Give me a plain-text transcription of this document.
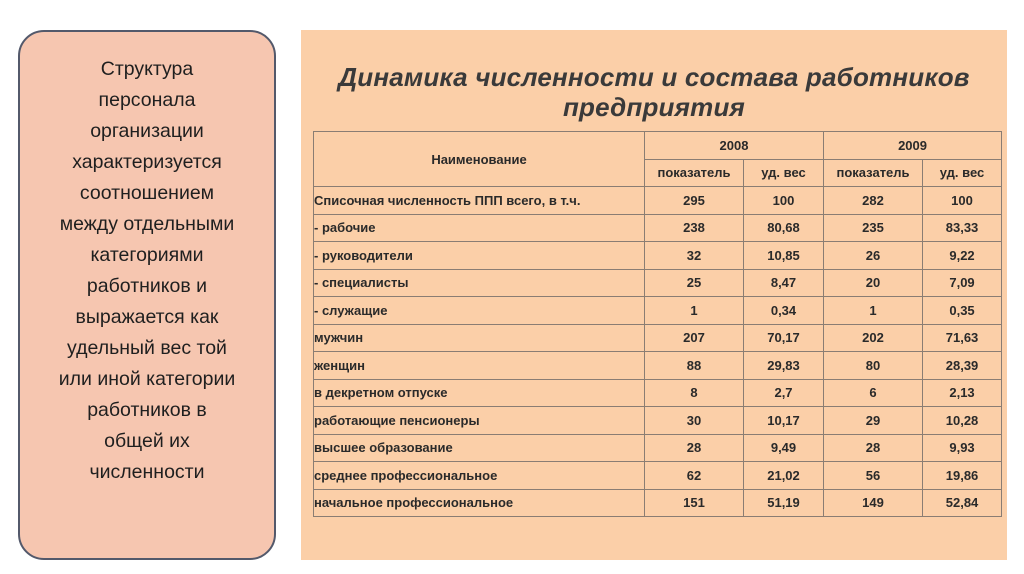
Структура
персонала
организации
характеризуется
соотношением
между отдельными
категориями
работников и
выражается как
удельный вес той
или иной категории
работников в
общей их
численности
Динамика численности и состава работников
предприятия
Наименование	2008		2009	
	показатель	уд. вес	показатель	уд. вес
Списочная численность ППП всего, в т.ч.	295	100	282	100
- рабочие	238	80,68	235	83,33
- руководители	32	10,85	26	9,22
- специалисты	25	8,47	20	7,09
- служащие	1	0,34	1	0,35
мужчин	207	70,17	202	71,63
женщин	88	29,83	80	28,39
в декретном отпуске	8	2,7	6	2,13
работающие пенсионеры	30	10,17	29	10,28
высшее образование	28	9,49	28	9,93
среднее профессиональное	62	21,02	56	19,86
начальное профессиональное	151	51,19	149	52,84
